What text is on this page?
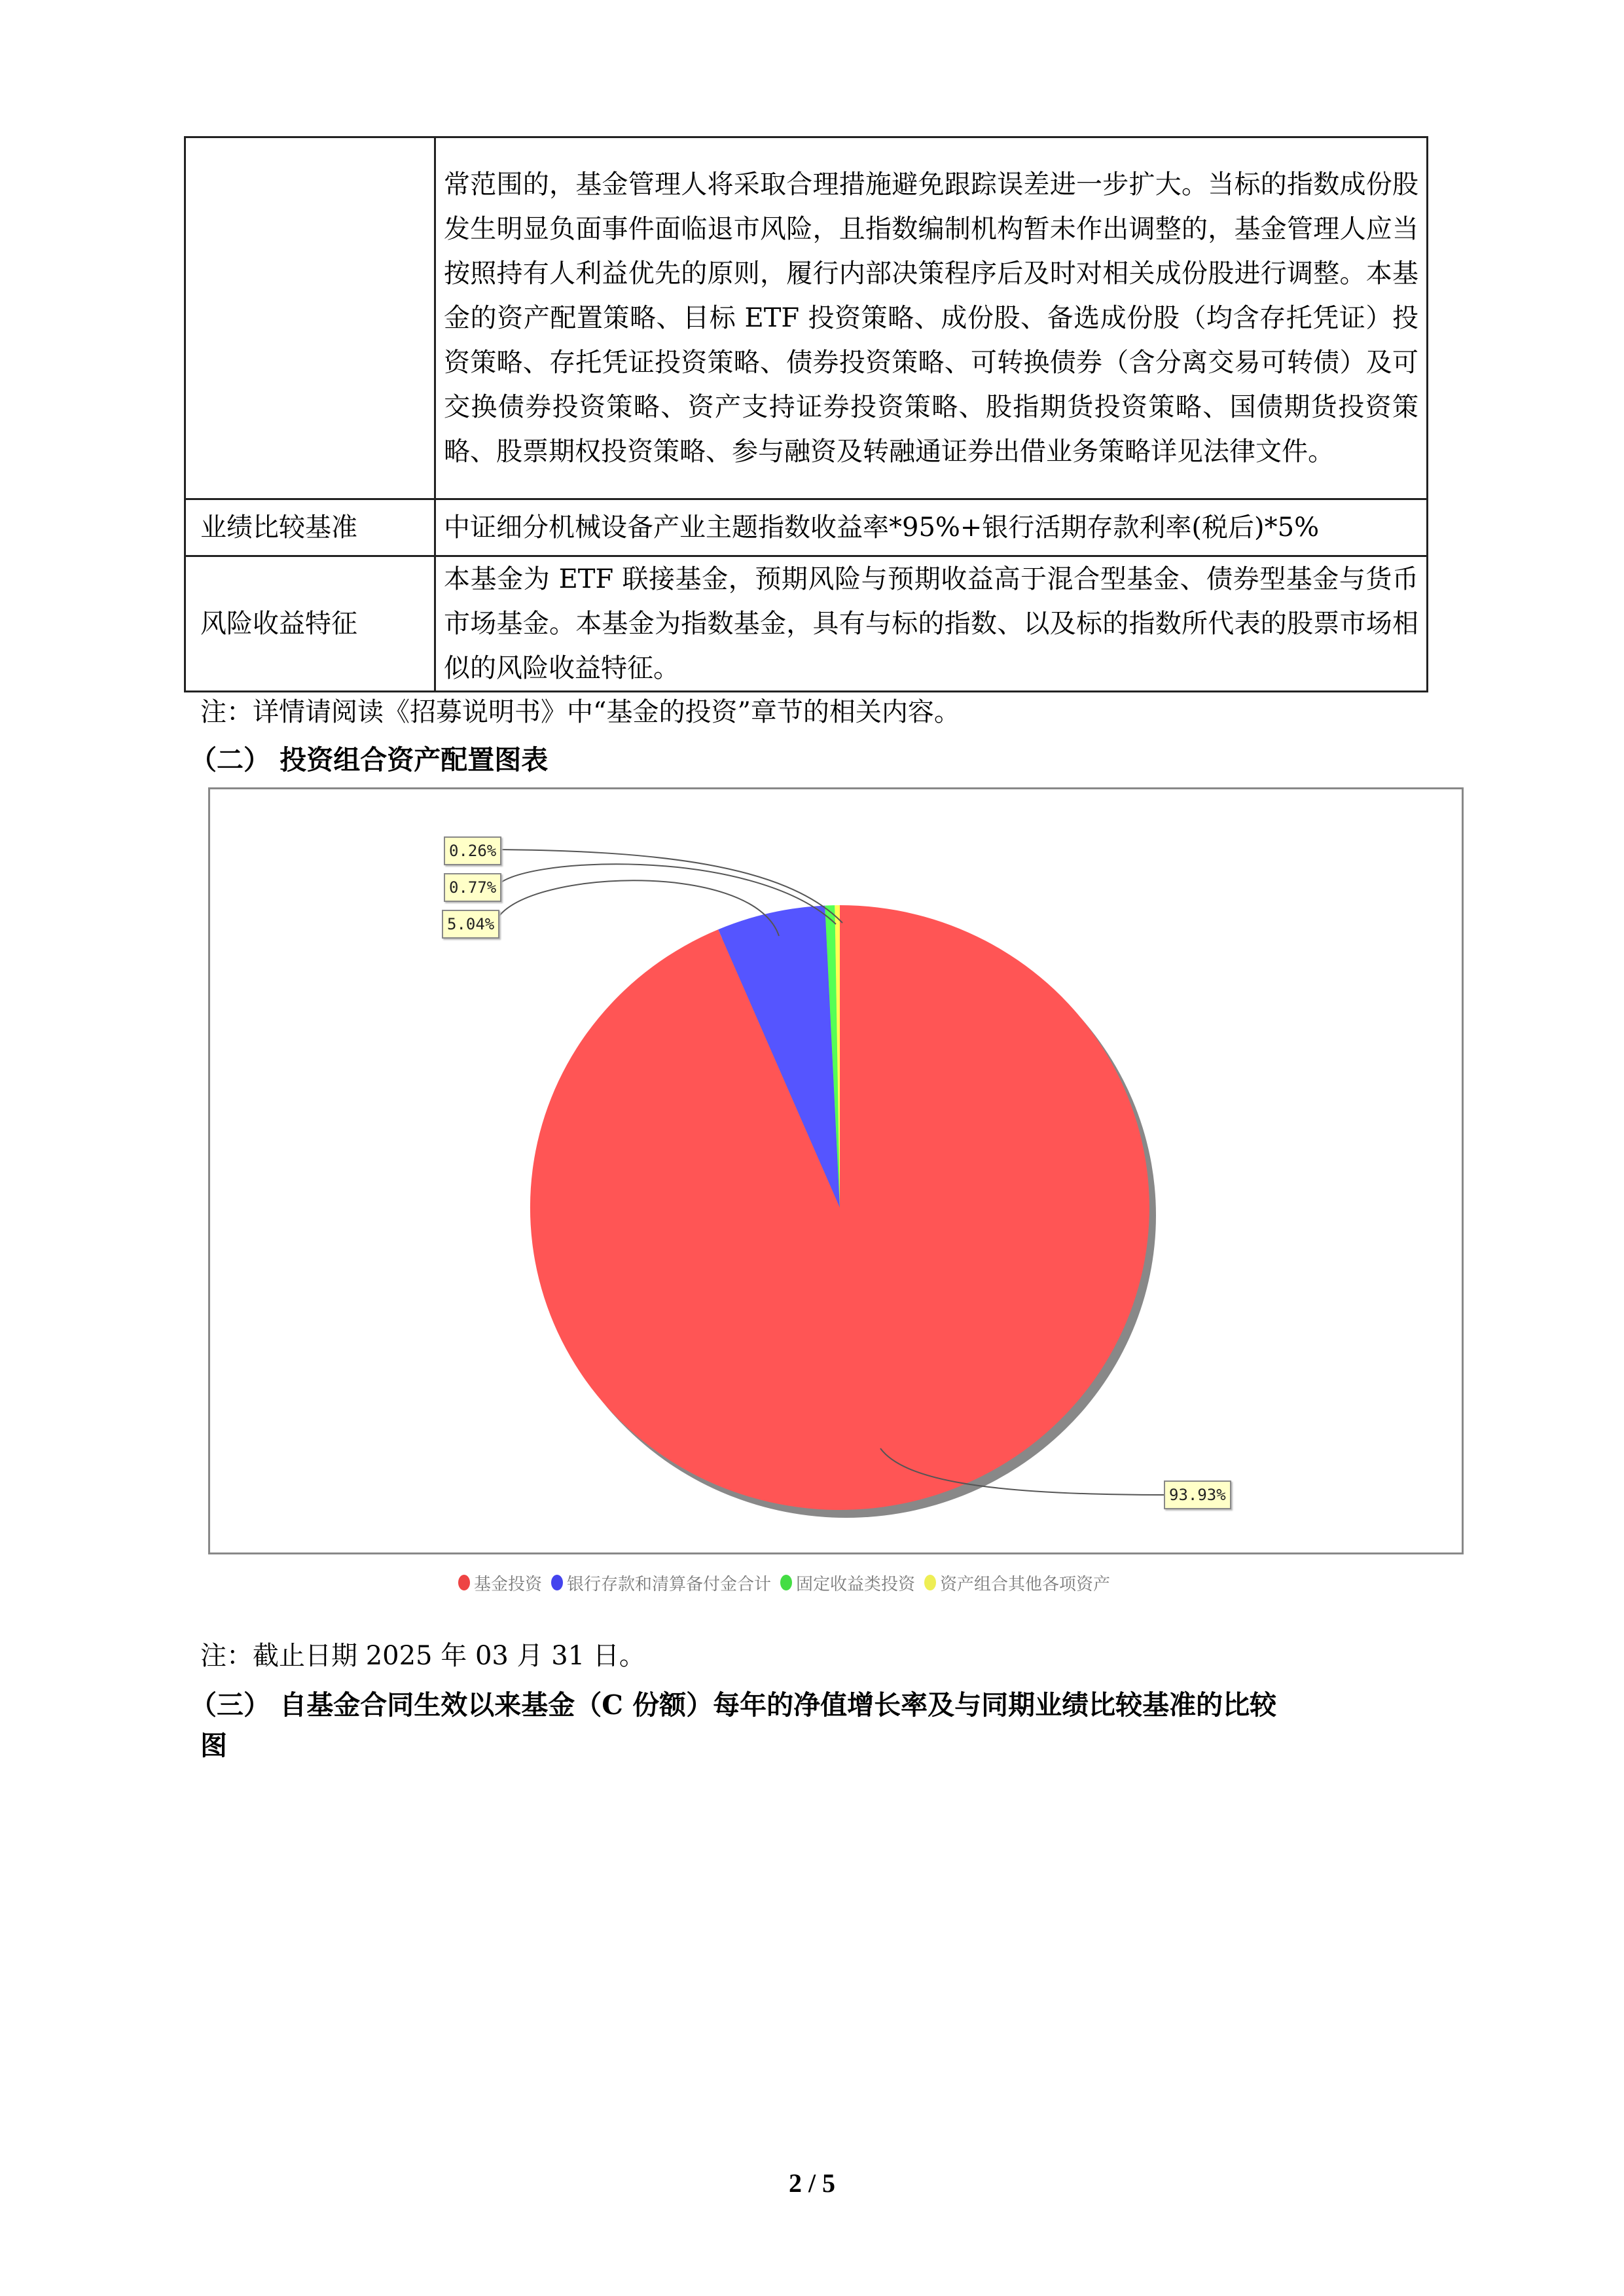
	常范围的，基金管理人将采取合理措施避免跟踪误差进一步扩大。当标的指数成份股发生明显负面事件面临退市风险，且指数编制机构暂未作出调整的，基金管理人应当按照持有人利益优先的原则，履行内部决策程序后及时对相关成份股进行调整。本基金的资产配置策略、目标 ETF 投资策略、成份股、备选成份股（均含存托凭证）投资策略、存托凭证投资策略、债券投资策略、可转换债券（含分离交易可转债）及可交换债券投资策略、资产支持证券投资策略、股指期货投资策略、国债期货投资策略、股票期权投资策略、参与融资及转融通证券出借业务策略详见法律文件。
业绩比较基准	中证细分机械设备产业主题指数收益率*95%+银行活期存款利率(税后)*5%
风险收益特征	本基金为 ETF 联接基金，预期风险与预期收益高于混合型基金、债券型基金与货币市场基金。本基金为指数基金，具有与标的指数、以及标的指数所代表的股票市场相似的风险收益特征。
注：详情请阅读《招募说明书》中“基金的投资”章节的相关内容。
（二） 投资组合资产配置图表
0.26%
0.77%
5.04%
93.93%
基金投资 银行存款和清算备付金合计 固定收益类投资 资产组合其他各项资产
注：截止日期 2025 年 03 月 31 日。
（三） 自基金合同生效以来基金（C 份额）每年的净值增长率及与同期业绩比较基准的比较
图
2 / 5
